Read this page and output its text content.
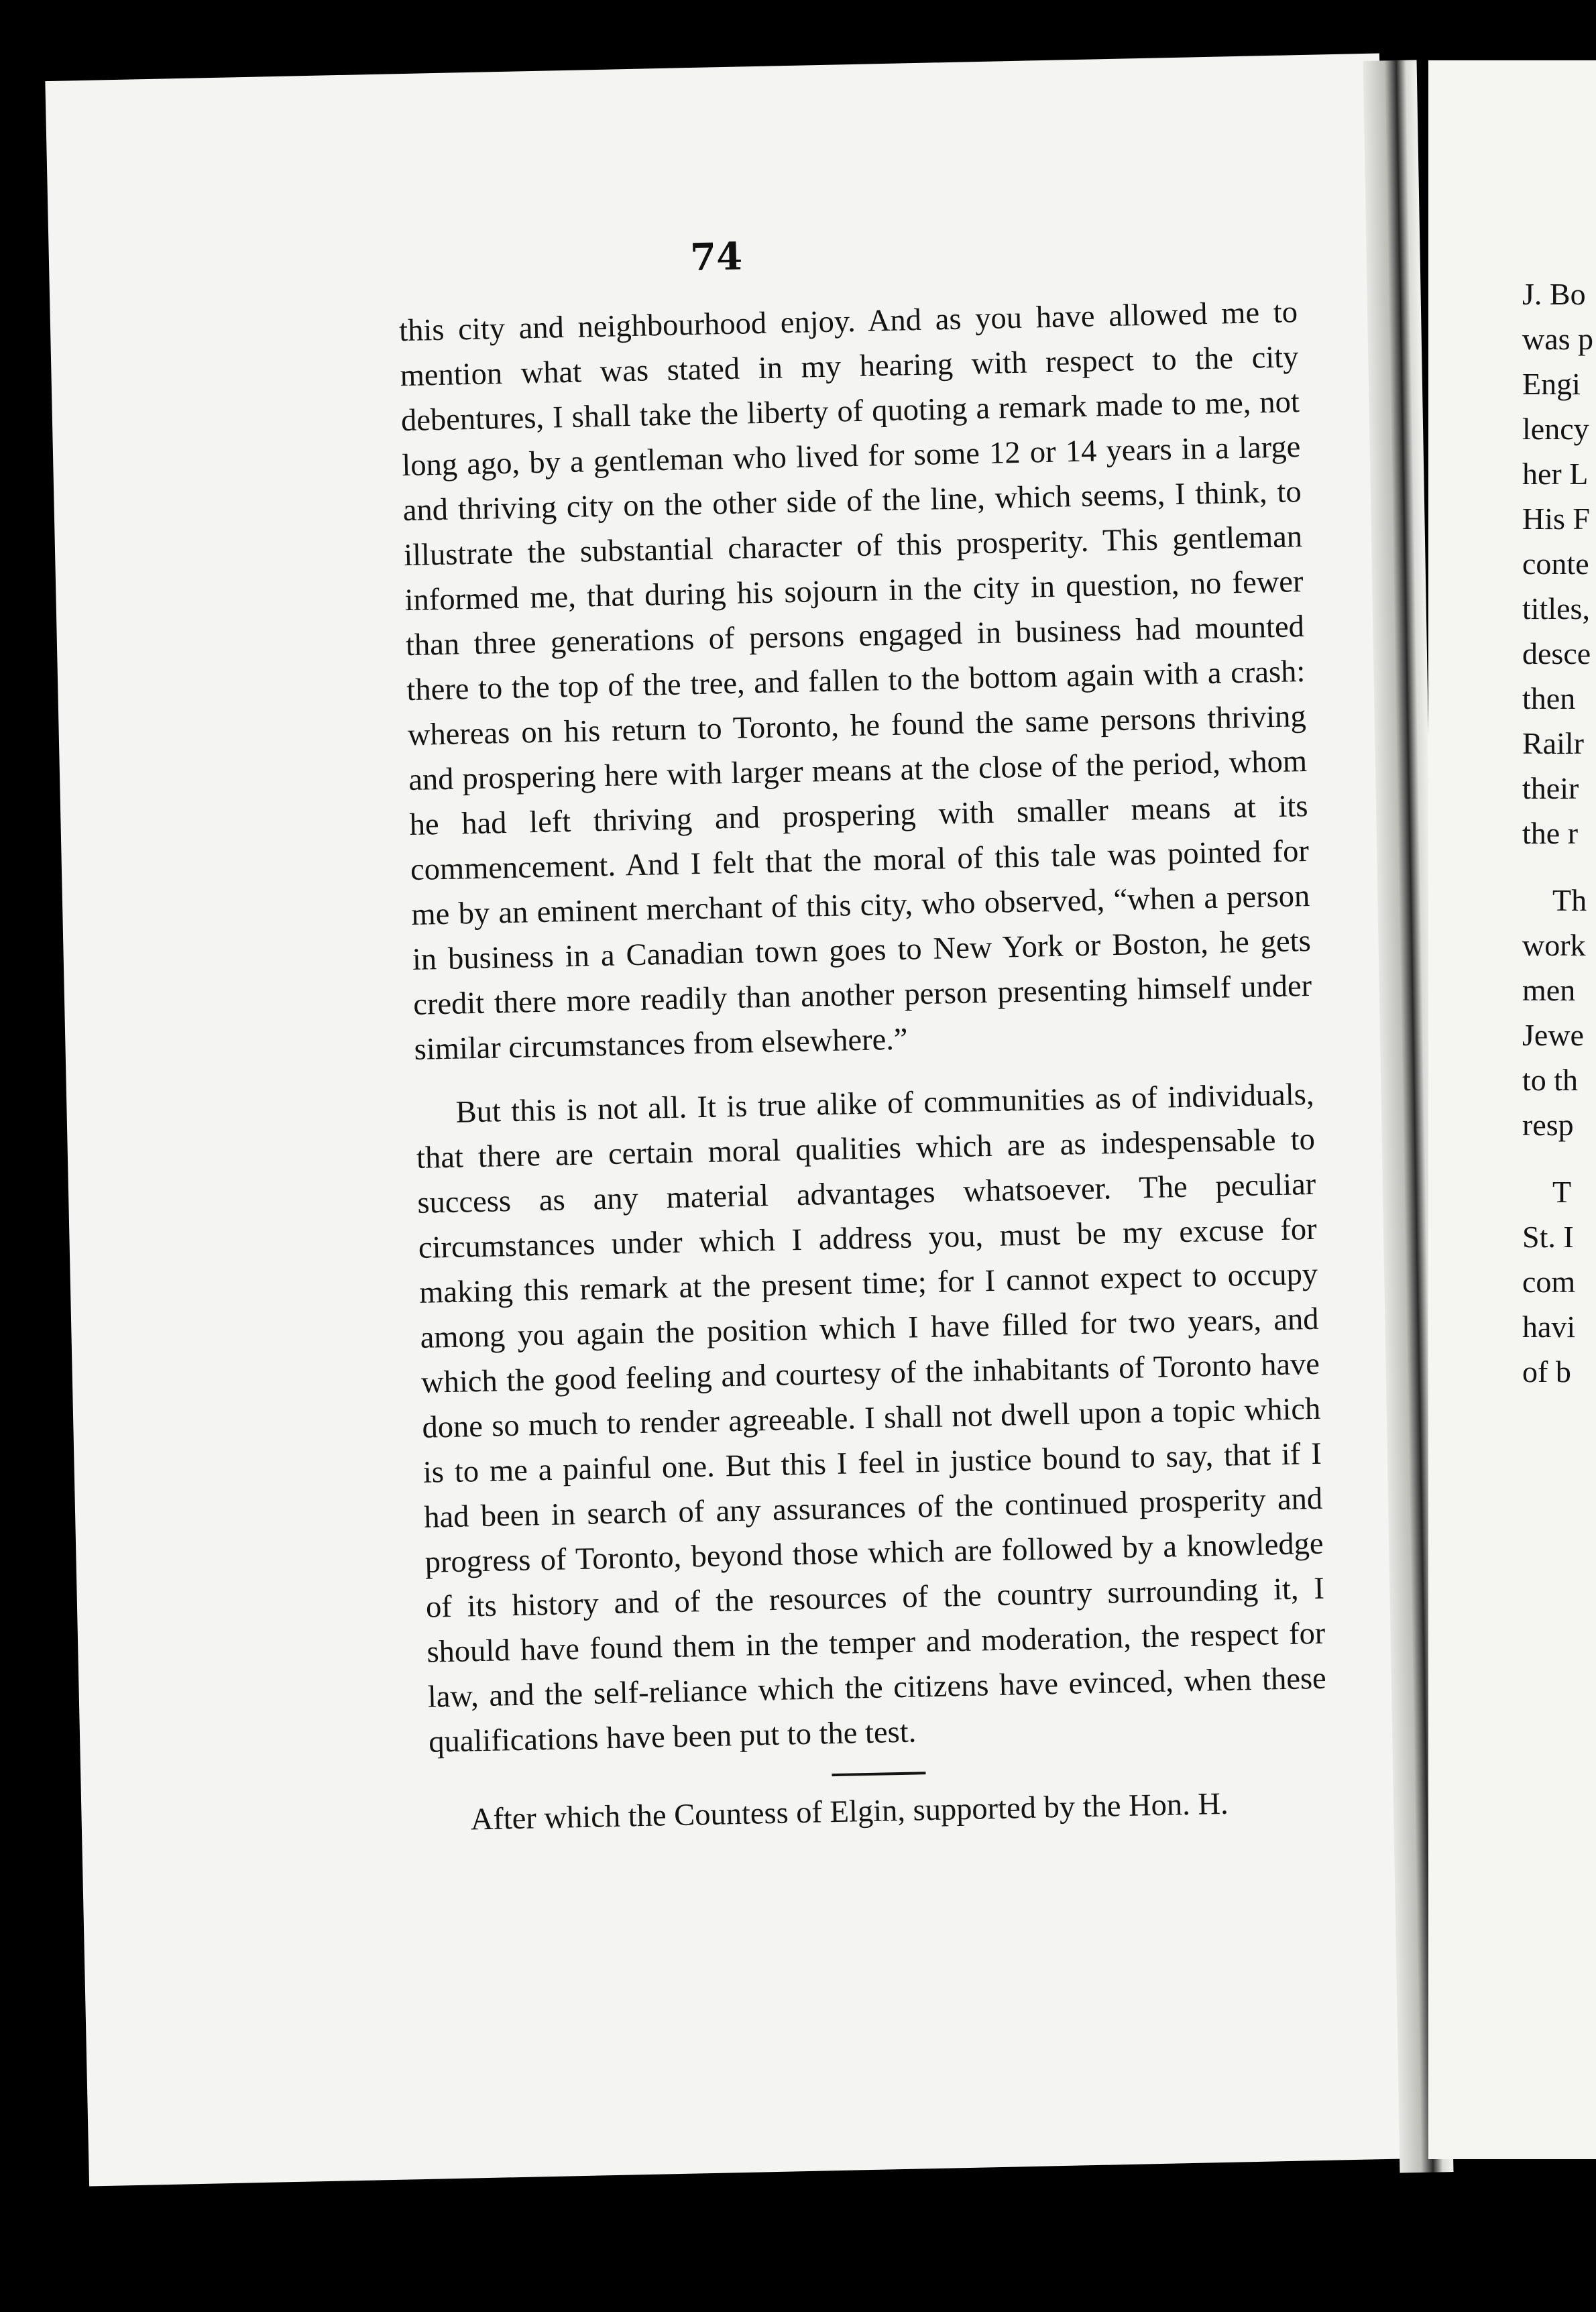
74

this city and neighbourhood enjoy. And as you have allowed me to mention what was stated in my hearing with respect to the city debentures, I shall take the liberty of quoting a remark made to me, not long ago, by a gentleman who lived for some 12 or 14 years in a large and thriving city on the other side of the line, which seems, I think, to illustrate the substantial character of this prosperity. This gentleman informed me, that during his sojourn in the city in question, no fewer than three generations of persons engaged in business had mounted there to the top of the tree, and fallen to the bottom again with a crash: whereas on his return to Toronto, he found the same persons thriving and prospering here with larger means at the close of the period, whom he had left thriving and prospering with smaller means at its commencement. And I felt that the moral of this tale was pointed for me by an eminent merchant of this city, who observed, “when a person in business in a Canadian town goes to New York or Boston, he gets credit there more readily than another person presenting himself under similar circumstances from elsewhere.”

But this is not all. It is true alike of communities as of individuals, that there are certain moral qualities which are as indespensable to success as any material advantages whatsoever. The peculiar circumstances under which I address you, must be my excuse for making this remark at the present time; for I cannot expect to occupy among you again the position which I have filled for two years, and which the good feeling and courtesy of the inhabitants of Toronto have done so much to render agreeable. I shall not dwell upon a topic which is to me a painful one. But this I feel in justice bound to say, that if I had been in search of any assurances of the continued prosperity and progress of Toronto, beyond those which are followed by a knowledge of its history and of the resources of the country surrounding it, I should have found them in the temper and moderation, the respect for law, and the self-reliance which the citizens have evinced, when these qualifications have been put to the test.

After which the Countess of Elgin, supported by the Hon. H.

J. Bo
was p
Engi
lency
her L
His F
conte
titles,
desce
then
Railr
their
the r
Th
work
men
Jewe
to th
resp
T
St. I
com
havi
of b
